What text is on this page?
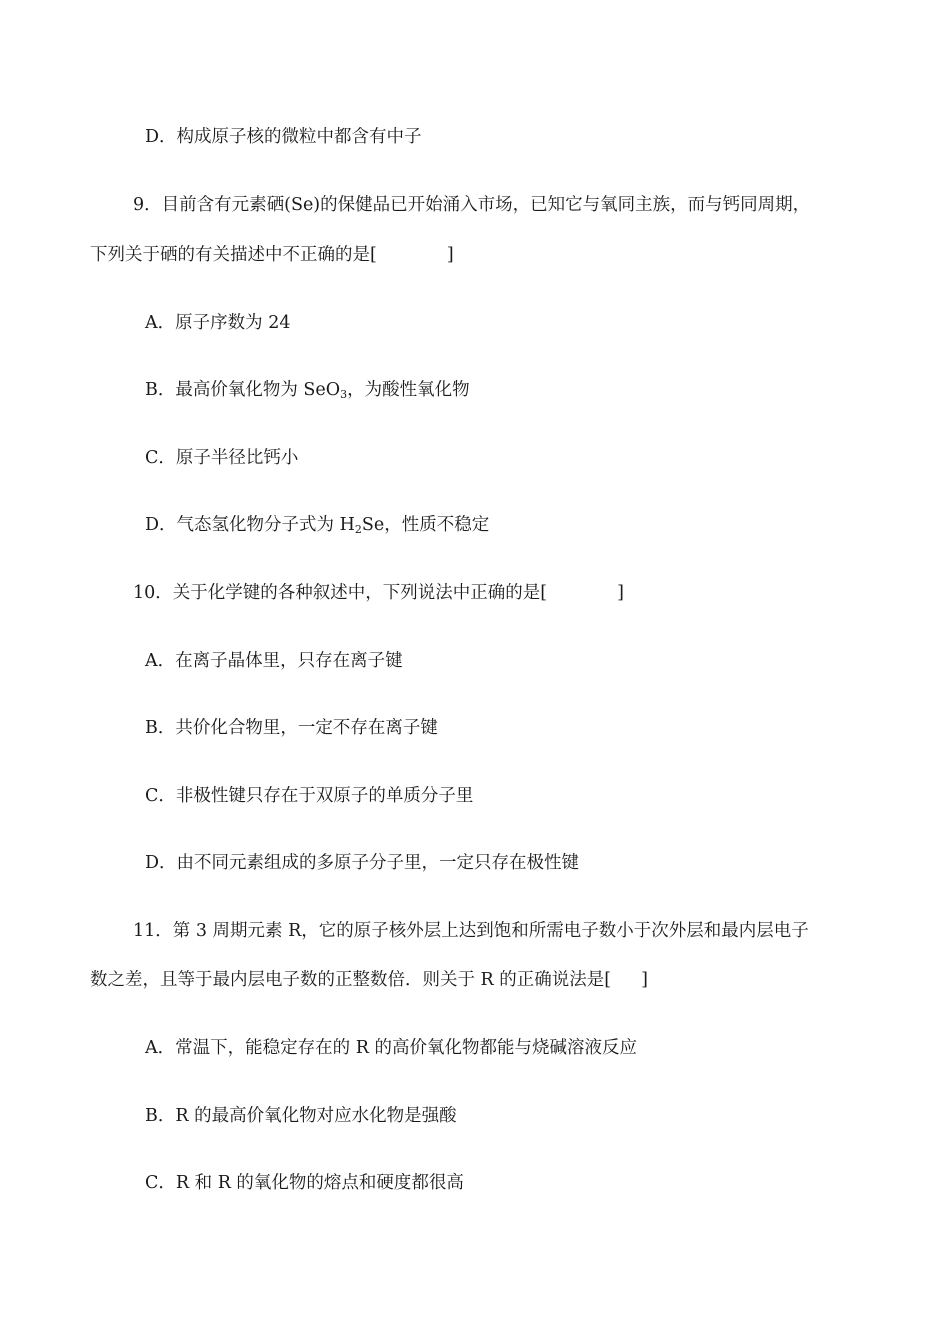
D．构成原子核的微粒中都含有中子
9．目前含有元素硒(Se)的保健品已开始涌入市场，已知它与氧同主族，而与钙同周期，
下列关于硒的有关描述中不正确的是[	]
A．原子序数为 24
B．最高价氧化物为 SeO$_3$，为酸性氧化物
C．原子半径比钙小
D．气态氢化物分子式为 $H_2Se$，性质不稳定
10．关于化学键的各种叙述中，下列说法中正确的是[	]
A．在离子晶体里，只存在离子键
B．共价化合物里，一定不存在离子键
C．非极性键只存在于双原子的单质分子里
D．由不同元素组成的多原子分子里，一定只存在极性键
11．第 3 周期元素 R，它的原子核外层上达到饱和所需电子数小于次外层和最内层电子
数之差，且等于最内层电子数的正整数倍．则关于 R 的正确说法是[ ]
A．常温下，能稳定存在的 R 的高价氧化物都能与烧碱溶液反应
B．R 的最高价氧化物对应水化物是强酸
C．R 和 R 的氧化物的熔点和硬度都很高
